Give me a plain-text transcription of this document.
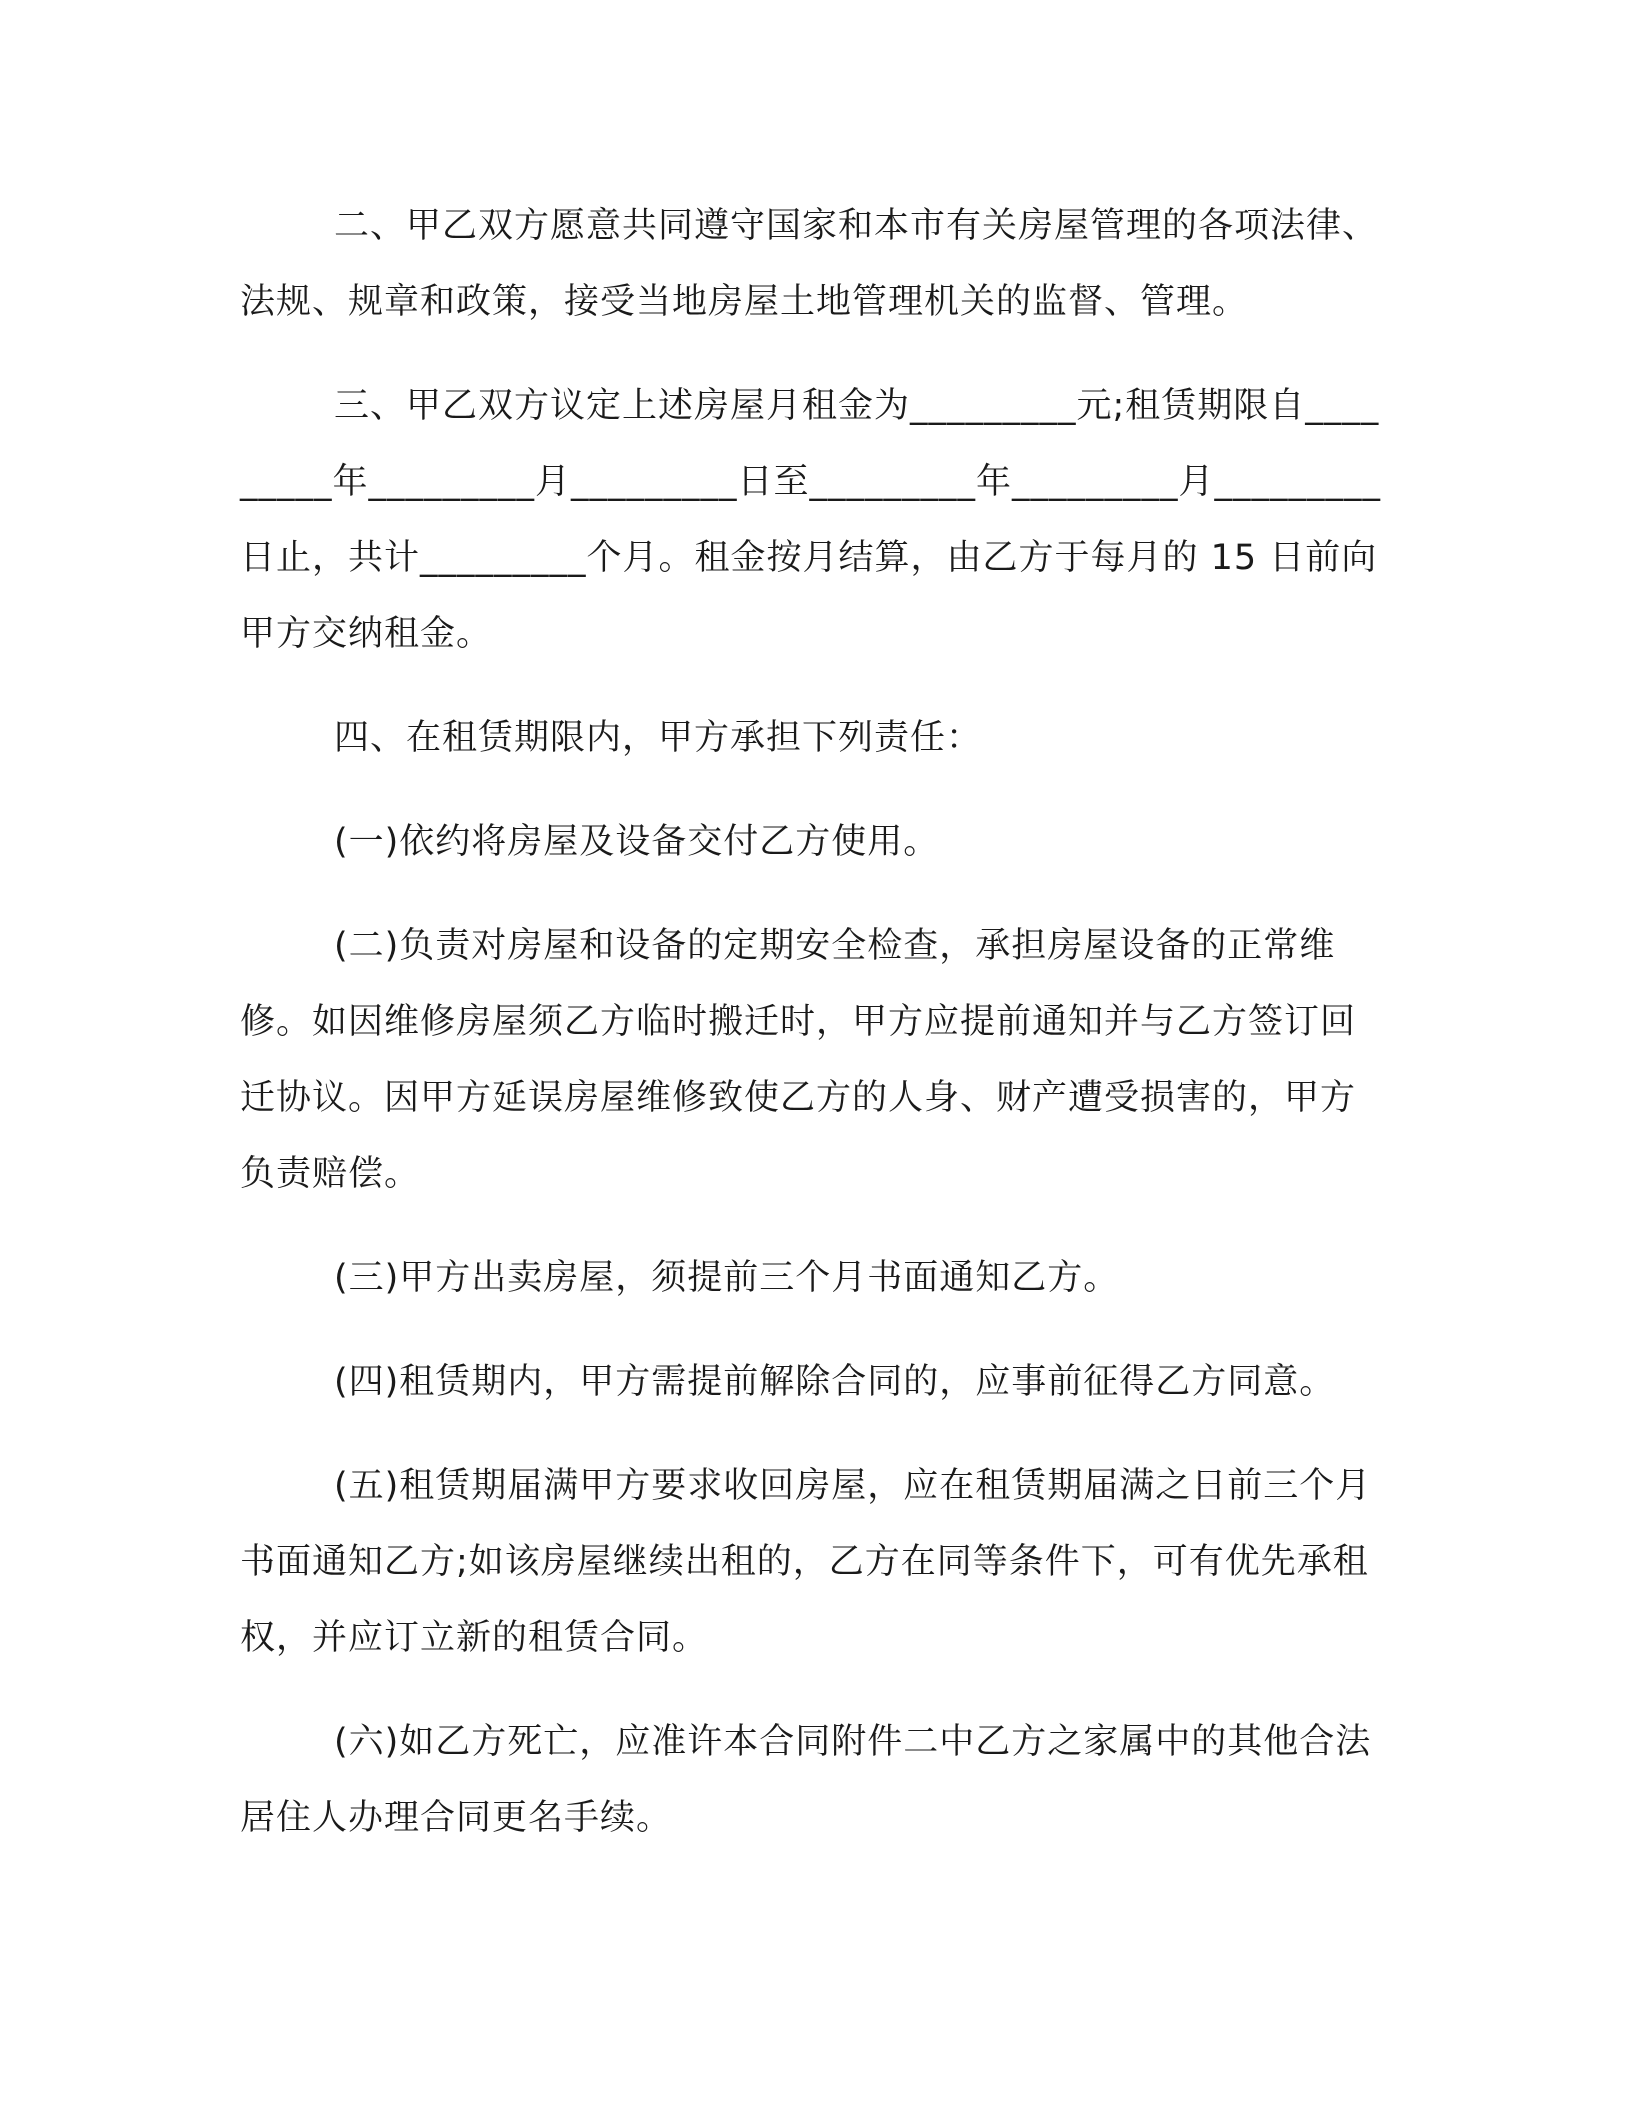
二、甲乙双方愿意共同遵守国家和本市有关房屋管理的各项法律、法规、规章和政策，接受当地房屋土地管理机关的监督、管理。

三、甲乙双方议定上述房屋月租金为_________元;租赁期限自_________年_________月_________日至_________年_________月_________日止，共计_________个月。租金按月结算，由乙方于每月的 15 日前向甲方交纳租金。

四、在租赁期限内，甲方承担下列责任：

(一)依约将房屋及设备交付乙方使用。

(二)负责对房屋和设备的定期安全检查，承担房屋设备的正常维修。如因维修房屋须乙方临时搬迁时，甲方应提前通知并与乙方签订回迁协议。因甲方延误房屋维修致使乙方的人身、财产遭受损害的，甲方负责赔偿。

(三)甲方出卖房屋，须提前三个月书面通知乙方。

(四)租赁期内，甲方需提前解除合同的，应事前征得乙方同意。

(五)租赁期届满甲方要求收回房屋，应在租赁期届满之日前三个月书面通知乙方;如该房屋继续出租的，乙方在同等条件下，可有优先承租权，并应订立新的租赁合同。

(六)如乙方死亡，应准许本合同附件二中乙方之家属中的其他合法居住人办理合同更名手续。
